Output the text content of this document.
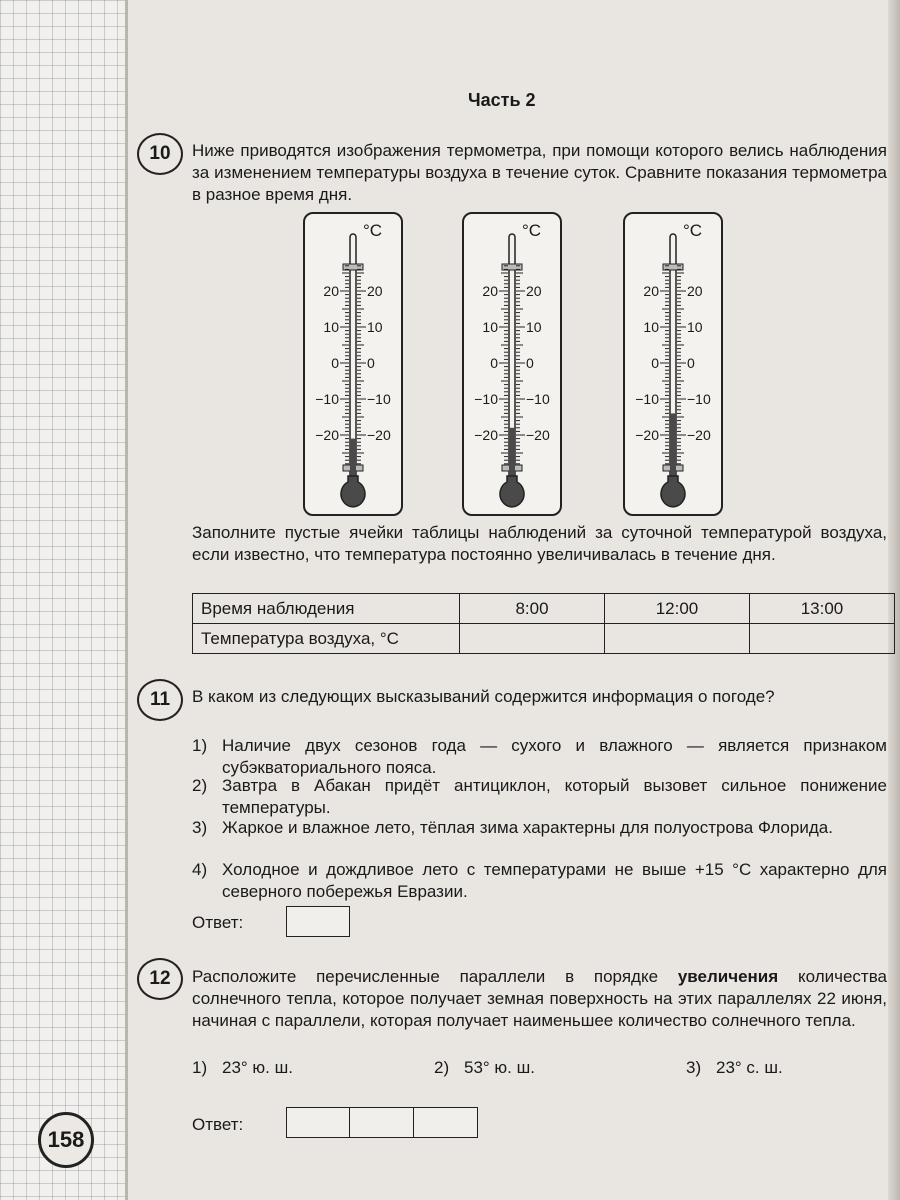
Часть 2
10	Ниже приводятся изображения термометра, при помощи которого велись наблюдения за изменением температуры воздуха в течение суток. Сравните показания термометра в разное время дня.
°C
20 20
10 10
0 0
−10 −10
−20 −20
°C
20 20
10 10
0 0
−10 −10
−20 −20
°C
20 20
10 10
0 0
−10 −10
−20 −20
Заполните пустые ячейки таблицы наблюдений за суточной температурой воздуха, если известно, что температура постоянно увеличивалась в течение дня.
Время наблюдения	8:00	12:00	13:00
Температура воздуха, °C			
11	В каком из следующих высказываний содержится информация о погоде?
1) Наличие двух сезонов года — сухого и влажного — является признаком субэкваториального пояса.
2) Завтра в Абакан придёт антициклон, который вызовет сильное понижение температуры.
3) Жаркое и влажное лето, тёплая зима характерны для полуострова Флорида.
4) Холодное и дождливое лето с температурами не выше +15 °C характерно для северного побережья Евразии.
Ответ:
12 Расположите перечисленные параллели в порядке увеличения количества солнечного тепла, которое получает земная поверхность на этих параллелях 22 июня, начиная с параллели, которая получает наименьшее количество солнечного тепла.
1) 23° ю. ш.	2) 53° ю. ш.	3) 23° с. ш.
Ответ:
158
